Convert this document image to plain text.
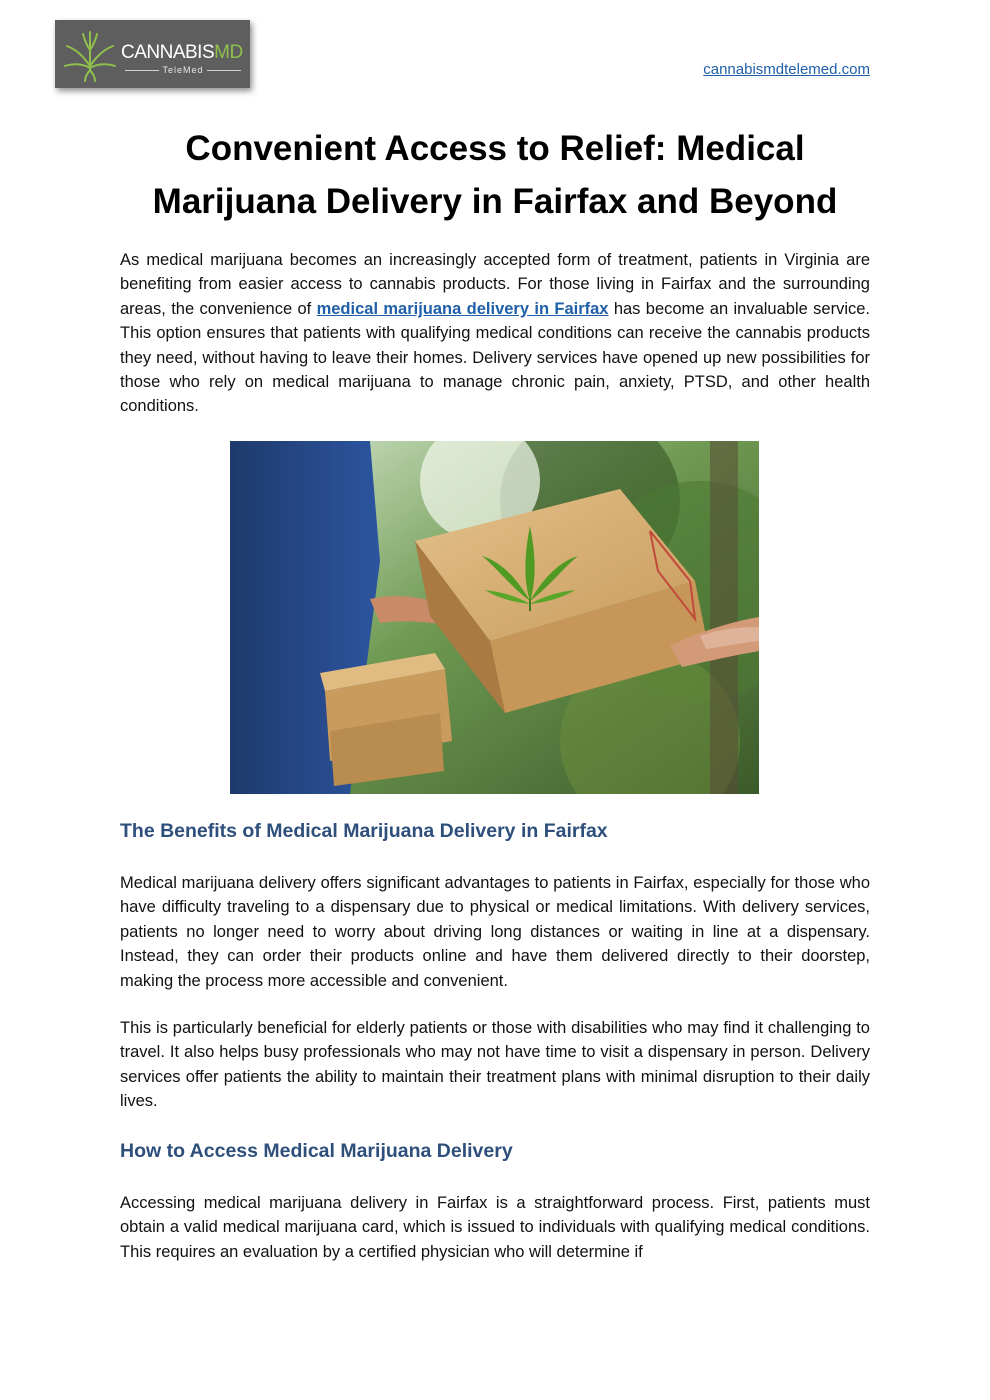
CANNABISMD
TeleMed	cannabismdtelemed.com
Convenient Access to Relief: Medical Marijuana Delivery in Fairfax and Beyond

As medical marijuana becomes an increasingly accepted form of treatment, patients in Virginia are benefiting from easier access to cannabis products. For those living in Fairfax and the surrounding areas, the convenience of medical marijuana delivery in Fairfax has become an invaluable service. This option ensures that patients with qualifying medical conditions can receive the cannabis products they need, without having to leave their homes. Delivery services have opened up new possibilities for those who rely on medical marijuana to manage chronic pain, anxiety, PTSD, and other health conditions.

The Benefits of Medical Marijuana Delivery in Fairfax

Medical marijuana delivery offers significant advantages to patients in Fairfax, especially for those who have difficulty traveling to a dispensary due to physical or medical limitations. With delivery services, patients no longer need to worry about driving long distances or waiting in line at a dispensary. Instead, they can order their products online and have them delivered directly to their doorstep, making the process more accessible and convenient.

This is particularly beneficial for elderly patients or those with disabilities who may find it challenging to travel. It also helps busy professionals who may not have time to visit a dispensary in person. Delivery services offer patients the ability to maintain their treatment plans with minimal disruption to their daily lives.

How to Access Medical Marijuana Delivery

Accessing medical marijuana delivery in Fairfax is a straightforward process. First, patients must obtain a valid medical marijuana card, which is issued to individuals with qualifying medical conditions. This requires an evaluation by a certified physician who will determine if
